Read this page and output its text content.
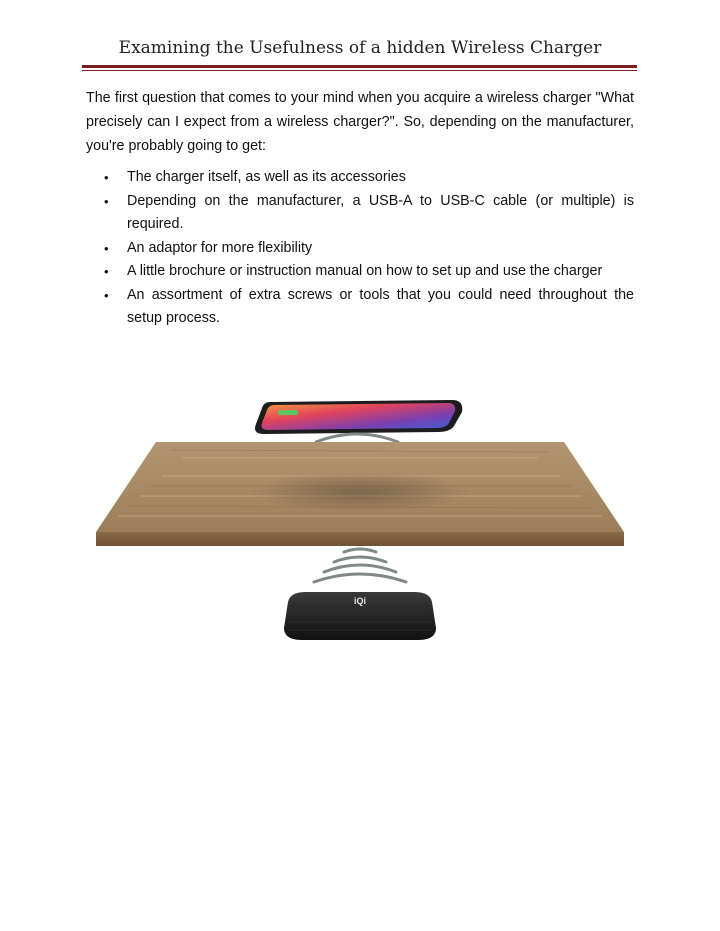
Examining the Usefulness of a hidden Wireless Charger

The first question that comes to your mind when you acquire a wireless charger "What precisely can I expect from a wireless charger?". So, depending on the manufacturer, you're probably going to get:

• The charger itself, as well as its accessories
• Depending on the manufacturer, a USB-A to USB-C cable (or multiple) is required.
• An adaptor for more flexibility
• A little brochure or instruction manual on how to set up and use the charger
• An assortment of extra screws or tools that you could need throughout the setup process.
iQi
